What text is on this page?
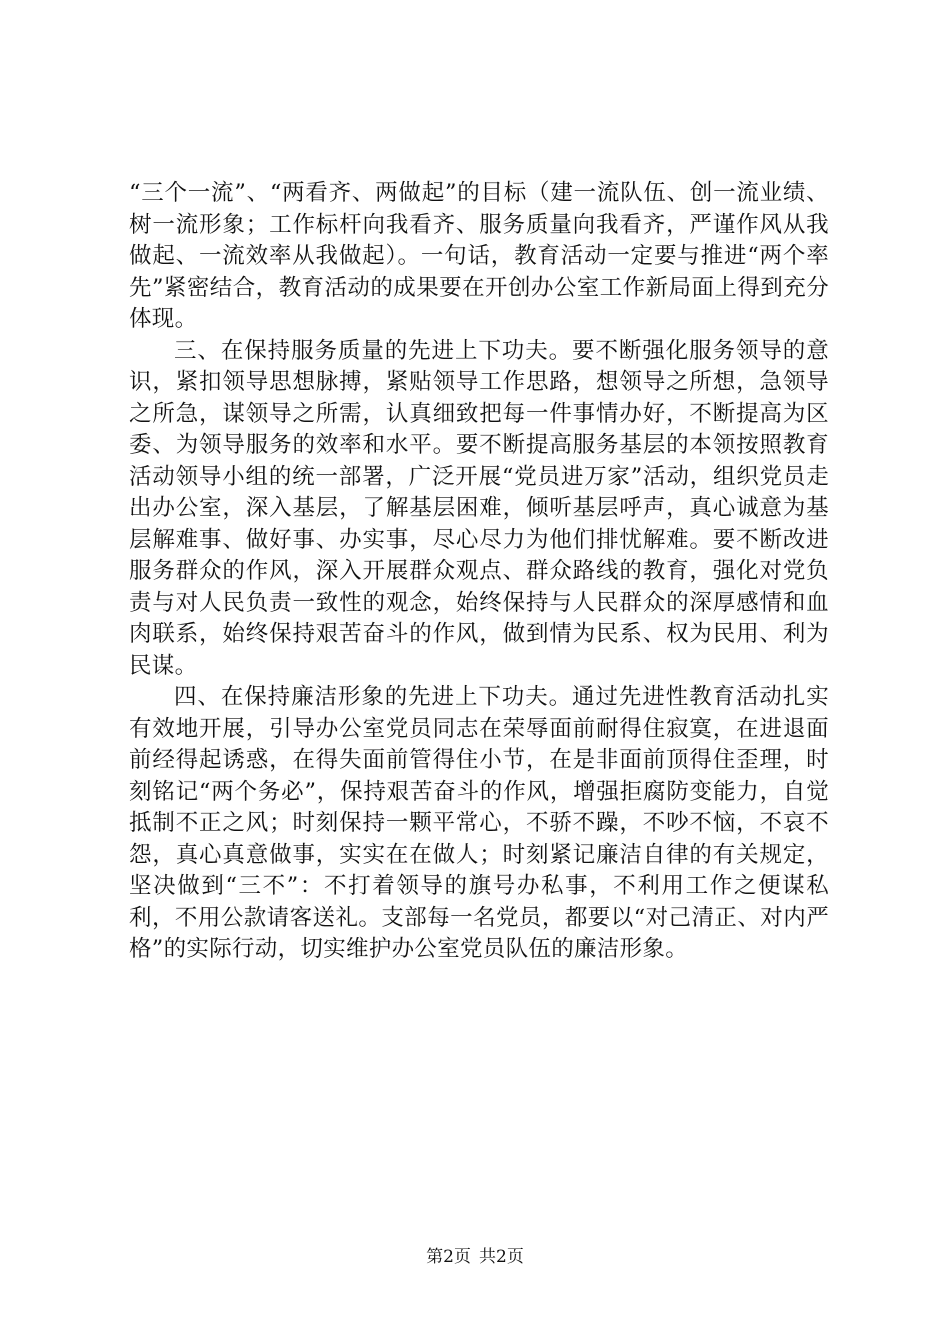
“三个一流”、“两看齐、两做起”的目标（建一流队伍、创一流业绩、树一流形象；工作标杆向我看齐、服务质量向我看齐，严谨作风从我做起、一流效率从我做起）。一句话，教育活动一定要与推进“两个率先”紧密结合，教育活动的成果要在开创办公室工作新局面上得到充分体现。

三、在保持服务质量的先进上下功夫。要不断强化服务领导的意识，紧扣领导思想脉搏，紧贴领导工作思路，想领导之所想，急领导之所急，谋领导之所需，认真细致把每一件事情办好，不断提高为区委、为领导服务的效率和水平。要不断提高服务基层的本领按照教育活动领导小组的统一部署，广泛开展“党员进万家”活动，组织党员走出办公室，深入基层，了解基层困难，倾听基层呼声，真心诚意为基层解难事、做好事、办实事，尽心尽力为他们排忧解难。要不断改进服务群众的作风，深入开展群众观点、群众路线的教育，强化对党负责与对人民负责一致性的观念，始终保持与人民群众的深厚感情和血肉联系，始终保持艰苦奋斗的作风，做到情为民系、权为民用、利为民谋。

四、在保持廉洁形象的先进上下功夫。通过先进性教育活动扎实有效地开展，引导办公室党员同志在荣辱面前耐得住寂寞，在进退面前经得起诱惑，在得失面前管得住小节，在是非面前顶得住歪理，时刻铭记“两个务必”，保持艰苦奋斗的作风，增强拒腐防变能力，自觉抵制不正之风；时刻保持一颗平常心，不骄不躁，不吵不恼，不哀不怨，真心真意做事，实实在在做人；时刻紧记廉洁自律的有关规定，坚决做到“三不”：不打着领导的旗号办私事，不利用工作之便谋私利，不用公款请客送礼。支部每一名党员，都要以“对己清正、对内严格”的实际行动，切实维护办公室党员队伍的廉洁形象。

第2页 共2页
